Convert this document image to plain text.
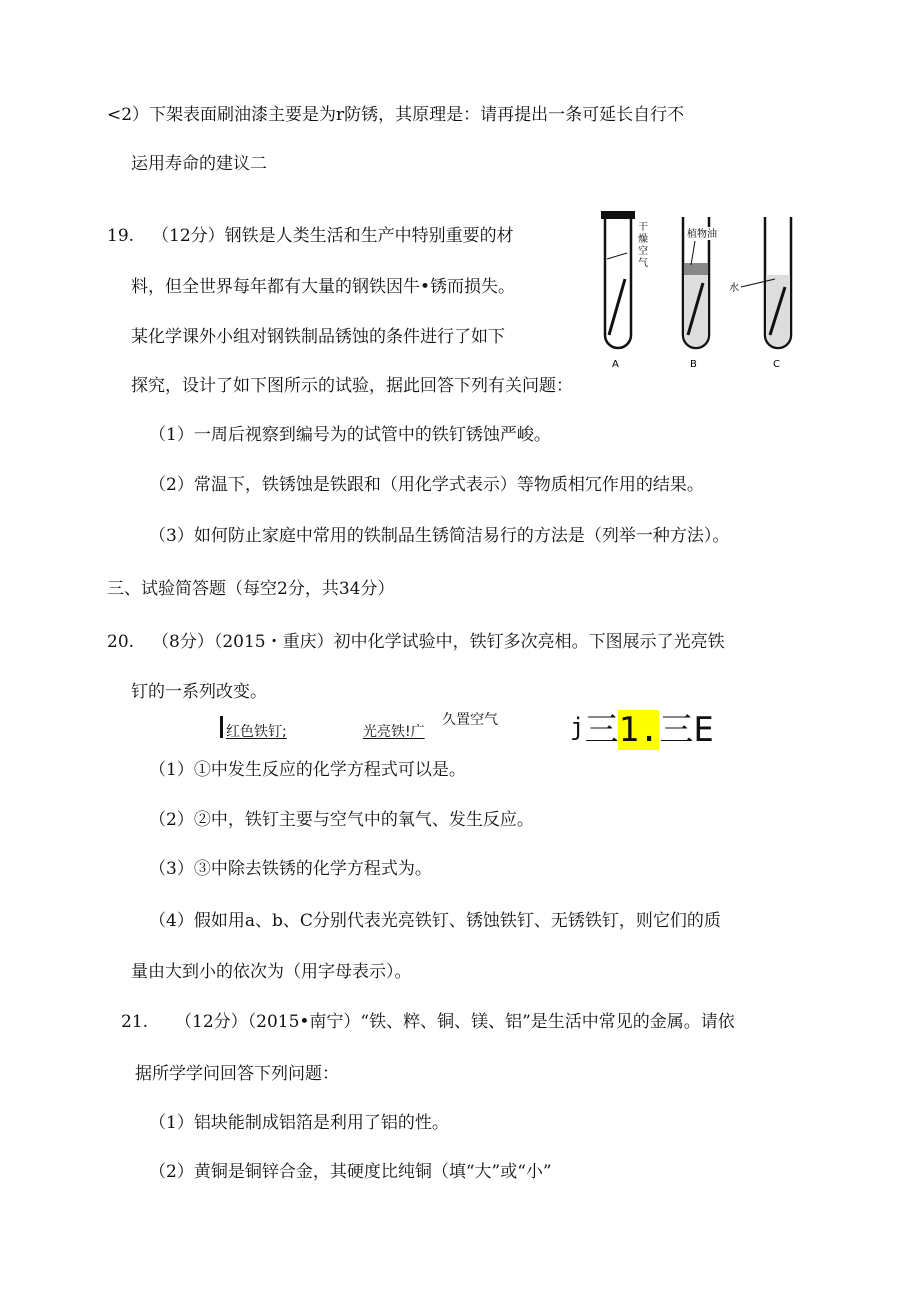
<2）下架表面刷油漆主要是为r防锈，其原理是：请再提出一条可延长自行不
运用寿命的建议二
19. （12分）钢铁是人类生活和生产中特别重要的材
料，但全世界每年都有大量的钢铁因牛•锈而损失。
某化学课外小组对钢铁制品锈蚀的条件进行了如下
探究，设计了如下图所示的试验，据此回答下列有关问题：
干
燥
空
气
A
植物油
B
水
C
（1）一周后视察到编号为的试管中的铁钉锈蚀严峻。
（2）常温下，铁锈蚀是铁跟和（用化学式表示）等物质相冗作用的结果。
（3）如何防止家庭中常用的铁制品生锈简洁易行的方法是（列举一种方法）。
三、试验简答题（每空2分，共34分）
20. （8分）（2015・重庆）初中化学试验中，铁钉多次亮相。下图展示了光亮铁
钉的一系列改变。
红色铁钉;	光亮铁!广
久置空气	j三1.三E
（1）①中发生反应的化学方程式可以是。
（2）②中，铁钉主要与空气中的氧气、发生反应。
（3）③中除去铁锈的化学方程式为。
（4）假如用a、b、C分别代表光亮铁钉、锈蚀铁钉、无锈铁钉，则它们的质
量由大到小的依次为（用字母表示）。
21. （12分）（2015•南宁）“铁、粹、铜、镁、铝”是生活中常见的金属。请依
据所学学问回答下列问题：
（1）铝块能制成铝箔是利用了铝的性。
（2）黄铜是铜锌合金，其硬度比纯铜（填“大”或“小”
